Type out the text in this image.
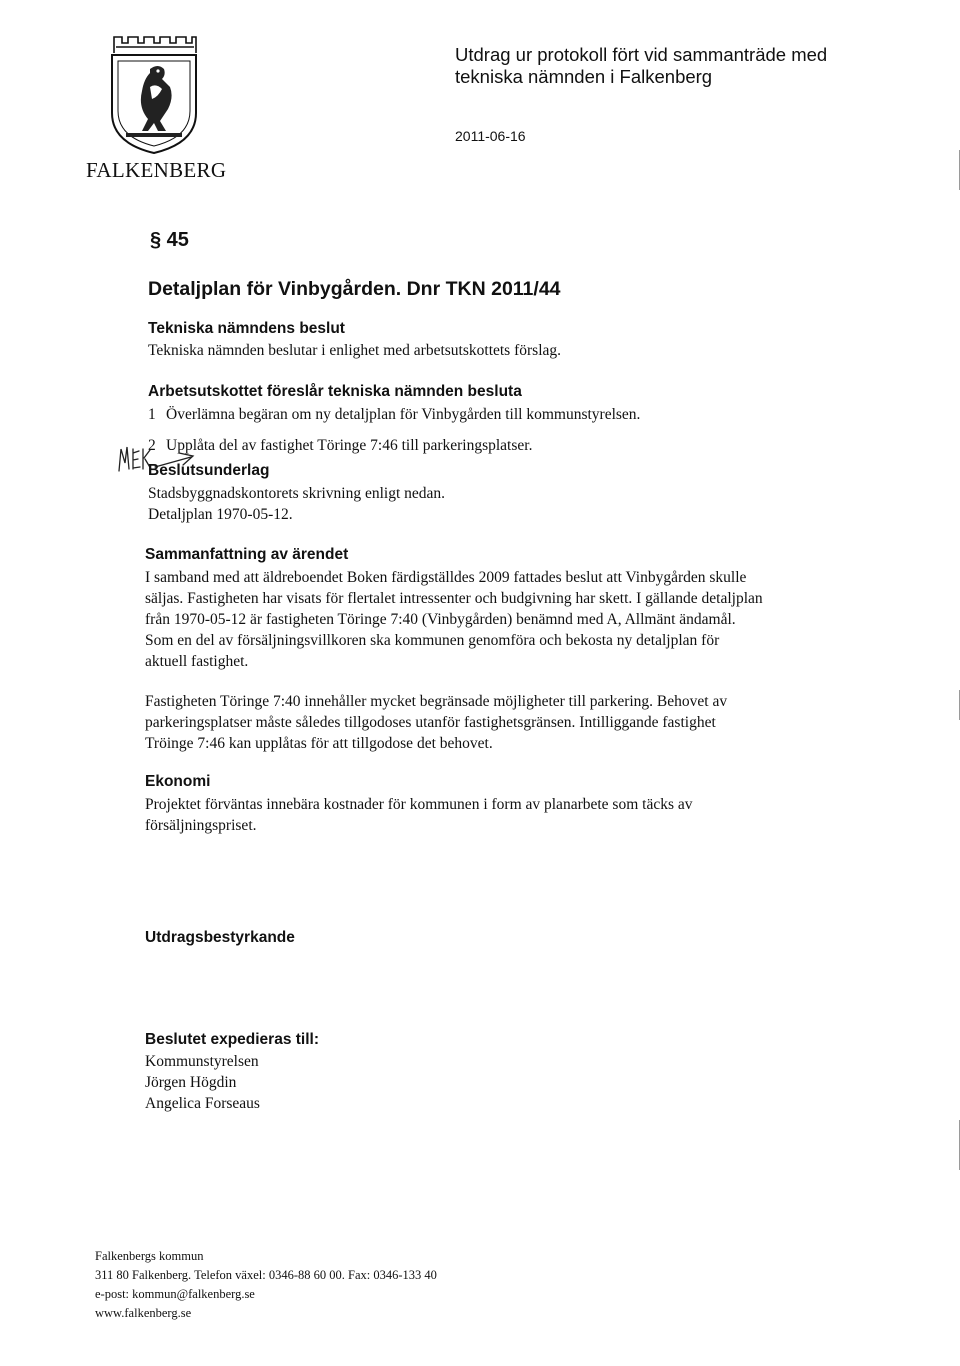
FALKENBERG
Utdrag ur protokoll fört vid sammanträde med
tekniska nämnden i Falkenberg
2011-06-16
§ 45
Detaljplan för Vinbygården. Dnr TKN 2011/44
Tekniska nämndens beslut
Tekniska nämnden beslutar i enlighet med arbetsutskottets förslag.
Arbetsutskottet föreslår tekniska nämnden besluta
1 Överlämna begäran om ny detaljplan för Vinbygården till kommunstyrelsen.
2 Upplåta del av fastighet Töringe 7:46 till parkeringsplatser.
Beslutsunderlag

Stadsbyggnadskontorets skrivning enligt nedan.

Detaljplan 1970-05-12.

Sammanfattning av ärendet

I samband med att äldreboendet Boken färdigställdes 2009 fattades beslut att Vinbygården skulle

säljas. Fastigheten har visats för flertalet intressenter och budgivning har skett. I gällande detaljplan

från 1970-05-12 är fastigheten Töringe 7:40 (Vinbygården) benämnd med A, Allmänt ändamål.

Som en del av försäljningsvillkoren ska kommunen genomföra och bekosta ny detaljplan för

aktuell fastighet.

Fastigheten Töringe 7:40 innehåller mycket begränsade möjligheter till parkering. Behovet av

parkeringsplatser måste således tillgodoses utanför fastighetsgränsen. Intilliggande fastighet

Tröinge 7:46 kan upplåtas för att tillgodose det behovet.

Ekonomi

Projektet förväntas innebära kostnader för kommunen i form av planarbete som täcks av

försäljningspriset.

Utdragsbestyrkande
Beslutet expedieras till:

Kommunstyrelsen

Jörgen Högdin

Angelica Forseaus

Falkenbergs kommun

311 80 Falkenberg. Telefon växel: 0346-88 60 00. Fax: 0346-133 40

e-post: kommun@falkenberg.se

www.falkenberg.se
